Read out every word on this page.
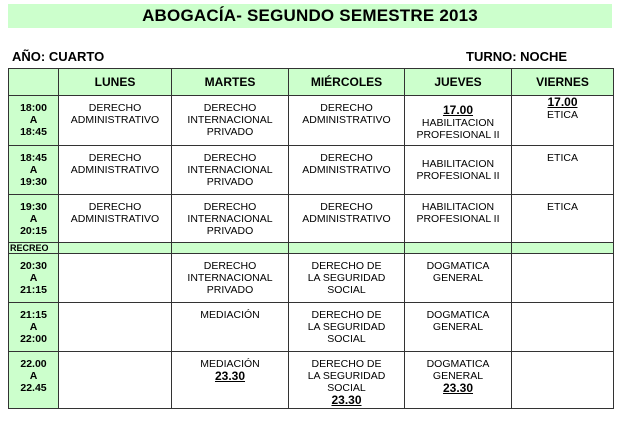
ABOGACÍA- SEGUNDO SEMESTRE 2013
AÑO: CUARTO	TURNO: NOCHE
	LUNES	MARTES	MIÉRCOLES	JUEVES	VIERNES

18:00
A
18:45	DERECHO
ADMINISTRATIVO	DERECHO
INTERNACIONAL
PRIVADO	DERECHO
ADMINISTRATIVO	17.00
HABILITACION
PROFESIONAL II	17.00
ETICA

18:45
A
19:30	DERECHO
ADMINISTRATIVO	DERECHO
INTERNACIONAL
PRIVADO	DERECHO
ADMINISTRATIVO	HABILITACION
PROFESIONAL II	ETICA

19:30
A
20:15	DERECHO
ADMINISTRATIVO	DERECHO
INTERNACIONAL
PRIVADO	DERECHO
ADMINISTRATIVO	HABILITACION
PROFESIONAL II	ETICA

RECREO					

20:30
A
21:15		DERECHO
INTERNACIONAL
PRIVADO	DERECHO DE
LA SEGURIDAD
SOCIAL	DOGMATICA
GENERAL	

21:15
A
22:00		MEDIACIÓN	DERECHO DE
LA SEGURIDAD
SOCIAL	DOGMATICA
GENERAL	

22.00
A
22.45		MEDIACIÓN
23.30	DERECHO DE
LA SEGURIDAD
SOCIAL
23.30	DOGMATICA
GENERAL
23.30	
